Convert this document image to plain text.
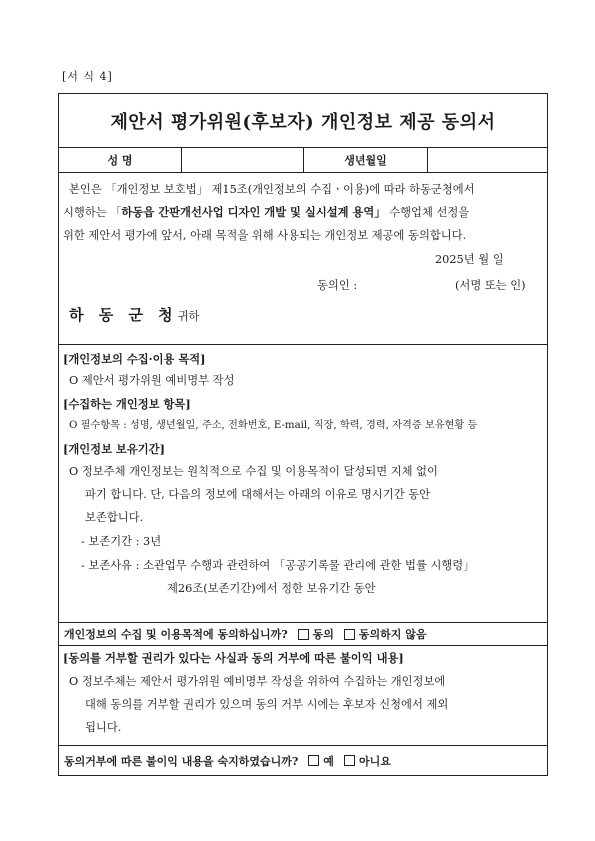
[서 식 4]
제안서 평가위원(후보자) 개인정보 제공 동의서
성 명	생년월일

본인은 「개인정보 보호법」 제15조(개인정보의 수집ㆍ이용)에 따라 하동군청에서

시행하는 「하동읍 간판개선사업 디자인 개발 및 실시설계 용역」 수행업체 선정을

위한 제안서 평가에 앞서, 아래 목적을 위해 사용되는 개인정보 제공에 동의합니다.

2025년 월 일

동의인 :	(서명 또는 인)

하 동 군 청귀하

[개인정보의 수집·이용 목적]
O 제안서 평가위원 예비명부 작성
[수집하는 개인정보 항목]
O 필수항목 : 성명, 생년월일, 주소, 전화번호, E-mail, 직장, 학력, 경력, 자격증 보유현황 등
[개인정보 보유기간]
O 정보주체 개인정보는 원칙적으로 수집 및 이용목적이 달성되면 지체 없이
파기 합니다. 단, 다음의 정보에 대해서는 아래의 이유로 명시기간 동안
보존합니다.
- 보존기간 : 3년
- 보존사유 : 소관업무 수행과 관련하여 「공공기록물 관리에 관한 법률 시행령」
제26조(보존기간)에서 정한 보유기간 동안
개인정보의 수집 및 이용목적에 동의하십니까? 동의 동의하지 않음
[동의를 거부할 권리가 있다는 사실과 동의 거부에 따른 불이익 내용]
O 정보주체는 제안서 평가위원 예비명부 작성을 위하여 수집하는 개인정보에
대해 동의를 거부할 권리가 있으며 동의 거부 시에는 후보자 신청에서 제외
됩니다.
동의거부에 따른 불이익 내용을 숙지하였습니까? 예 아니요
